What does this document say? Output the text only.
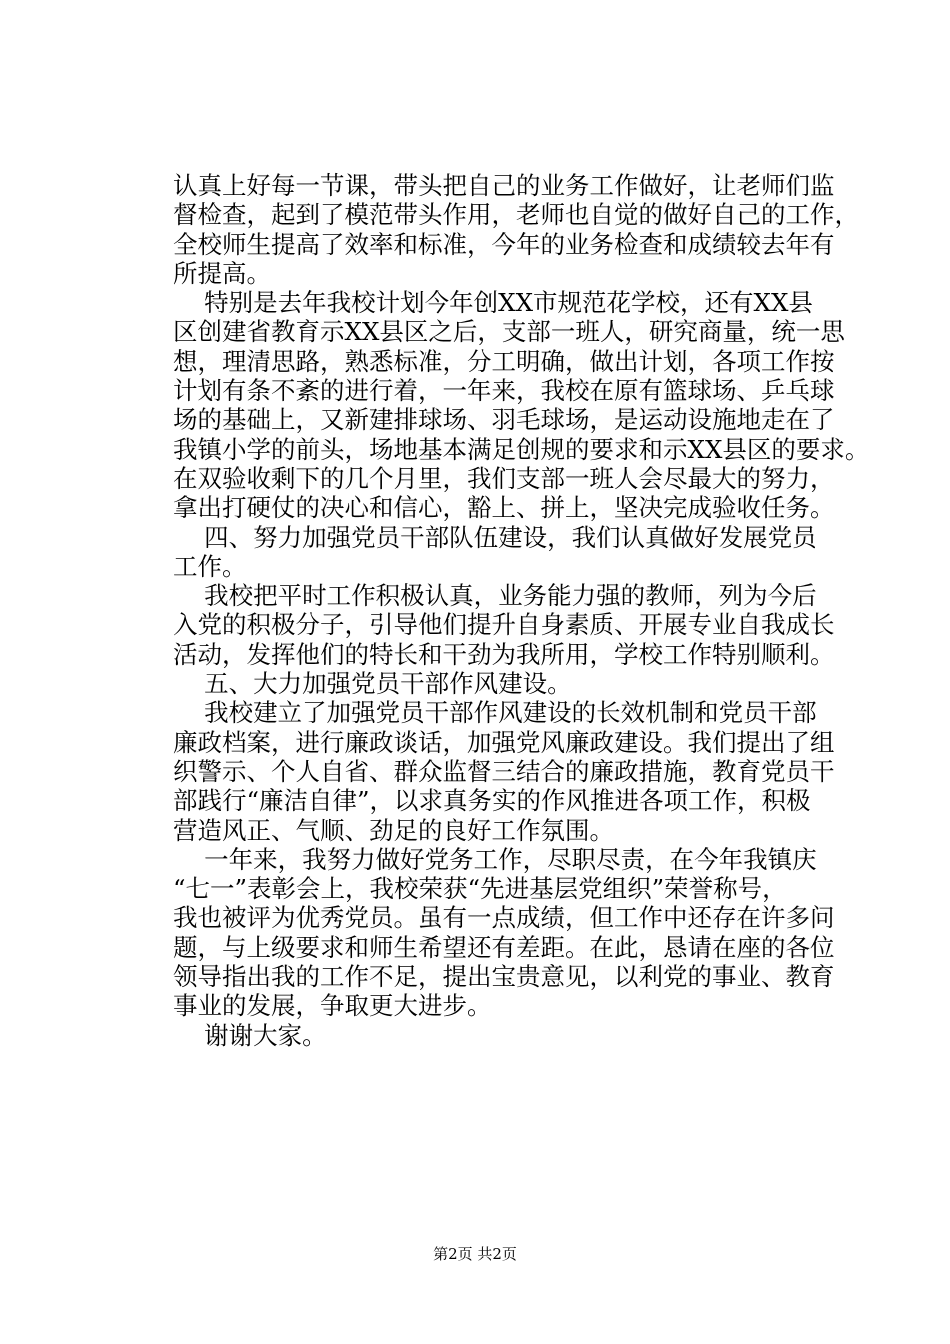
认真上好每一节课，带头把自己的业务工作做好，让老师们监
督检查，起到了模范带头作用，老师也自觉的做好自己的工作，
全校师生提高了效率和标准，今年的业务检查和成绩较去年有
所提高。
特别是去年我校计划今年创XX市规范花学校，还有XX县
区创建省教育示XX县区之后，支部一班人，研究商量，统一思
想，理清思路，熟悉标准，分工明确，做出计划，各项工作按
计划有条不紊的进行着，一年来，我校在原有篮球场、乒乓球
场的基础上，又新建排球场、羽毛球场，是运动设施地走在了
我镇小学的前头，场地基本满足创规的要求和示XX县区的要求。
在双验收剩下的几个月里，我们支部一班人会尽最大的努力，
拿出打硬仗的决心和信心，豁上、拼上，坚决完成验收任务。
四、努力加强党员干部队伍建设，我们认真做好发展党员
工作。
我校把平时工作积极认真，业务能力强的教师，列为今后
入党的积极分子，引导他们提升自身素质、开展专业自我成长
活动，发挥他们的特长和干劲为我所用，学校工作特别顺利。
五、大力加强党员干部作风建设。
我校建立了加强党员干部作风建设的长效机制和党员干部
廉政档案，进行廉政谈话，加强党风廉政建设。我们提出了组
织警示、个人自省、群众监督三结合的廉政措施，教育党员干
部践行“廉洁自律”，以求真务实的作风推进各项工作，积极
营造风正、气顺、劲足的良好工作氛围。
一年来，我努力做好党务工作，尽职尽责，在今年我镇庆
“七一”表彰会上，我校荣获“先进基层党组织”荣誉称号，
我也被评为优秀党员。虽有一点成绩，但工作中还存在许多问
题，与上级要求和师生希望还有差距。在此，恳请在座的各位
领导指出我的工作不足，提出宝贵意见，以利党的事业、教育
事业的发展，争取更大进步。
谢谢大家。
第2页 共2页
